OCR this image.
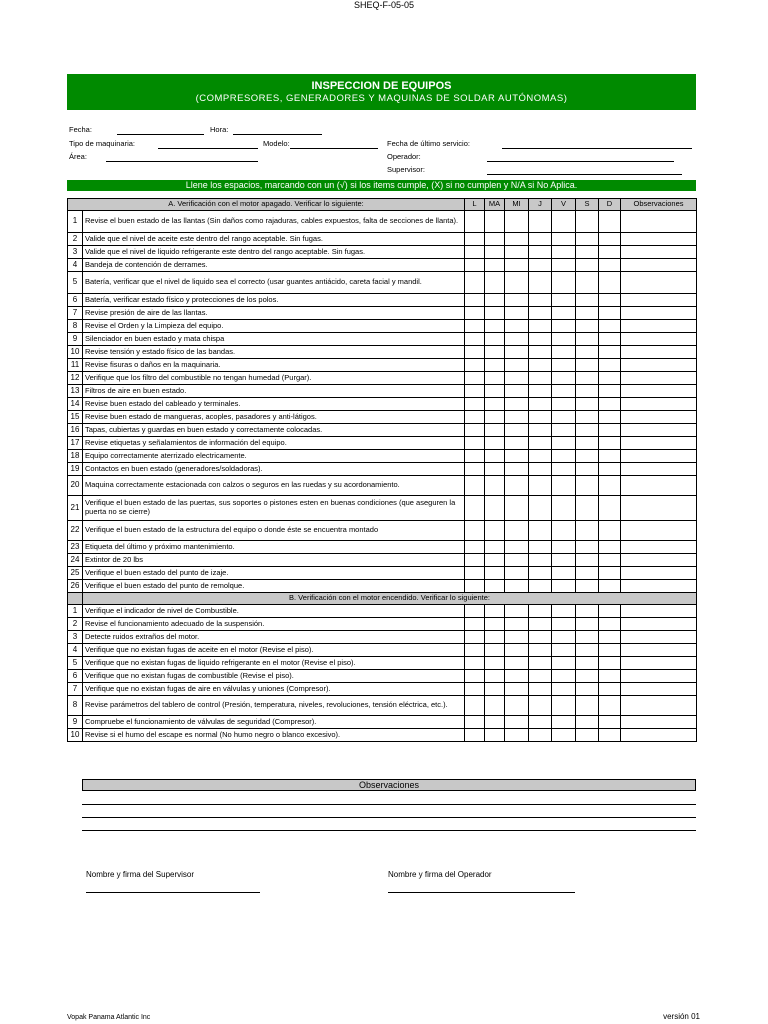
SHEQ-F-05-05
INSPECCION DE EQUIPOS
(COMPRESORES, GENERADORES Y MAQUINAS DE SOLDAR AUTÓNOMAS)
Fecha:	Hora:
Tipo de maquinaria:	Modelo:	Fecha de último servicio:
Área:	Operador:
Supervisor:
Llene los espacios, marcando con un (√) si los items cumple, (X) si no cumplen y N/A si No Aplica.
A. Verificación con el motor apagado. Verificar lo siguiente:		L	MA	MI	J	V	S	D	Observaciones
1	Revise el buen estado de las llantas (Sin daños como rajaduras, cables expuestos, falta de secciones de llanta).								
2	Valide que el nivel de aceite este dentro del rango aceptable. Sin fugas.								
3	Valide que el nivel de liquido refrigerante este dentro del rango aceptable. Sin fugas.								
4	Bandeja de contención de derrames.								
5	Batería, verificar que el nivel de liquido sea el correcto (usar guantes antiácido, careta facial y mandil.								
6	Batería, verificar estado físico y protecciones de los polos.								
7	Revise presión de aire de las llantas.								
8	Revise el Orden y la Limpieza del equipo.								
9	Silenciador en buen estado y mata chispa								
10	Revise tensión y estado físico de las bandas.								
11	Revise fisuras o daños en la maquinaria.								
12	Verifique que los filtro del combustible no tengan humedad (Purgar).								
13	Filtros de aire en buen estado.								
14	Revise buen estado del cableado y terminales.								
15	Revise buen estado de mangueras, acoples, pasadores y anti-látigos.								
16	Tapas, cubiertas y guardas en buen estado y correctamente colocadas.								
17	Revise etiquetas y señalamientos de información del equipo.								
18	Equipo correctamente aterrizado electricamente.								
19	Contactos en buen estado (generadores/soldadoras).								
20	Maquina correctamente estacionada con calzos o seguros en las ruedas y su acordonamiento.								
21	Verifique el buen estado de las puertas, sus soportes o pistones esten en buenas condiciones (que aseguren la puerta no se cierre)								
22	Verifique el buen estado de la estructura del equipo o donde éste se encuentra montado								
23	Etiqueta del último y próximo mantenimiento.								
24	Extintor de 20 lbs								
25	Verifique el buen estado del punto de izaje.								
26	Verifique el buen estado del punto de remolque.								
	B. Verificación con el motor encendido. Verificar lo siguiente:								
1	Verifique el indicador de nivel de Combustible.								
2	Revise el funcionamiento adecuado de la suspensión.								
3	Detecte ruidos extraños del motor.								
4	Verifique que no existan fugas de aceite en el motor (Revise el piso).								
5	Verifique que no existan fugas de liquido refrigerante en el motor (Revise el piso).								
6	Verifique que no existan fugas de combustible (Revise el piso).								
7	Verifique que no existan fugas de aire en válvulas y uniones (Compresor).								
8	Revise parámetros del tablero de control (Presión, temperatura, niveles, revoluciones, tensión eléctrica, etc.).								
9	Compruebe el funcionamiento de válvulas de seguridad (Compresor).								
10	Revise si el humo del escape es normal (No humo negro o blanco excesivo).								
Observaciones
Nombre y firma del Supervisor	Nombre y firma del Operador
Vopak Panama Atlantic Inc	versión 01
